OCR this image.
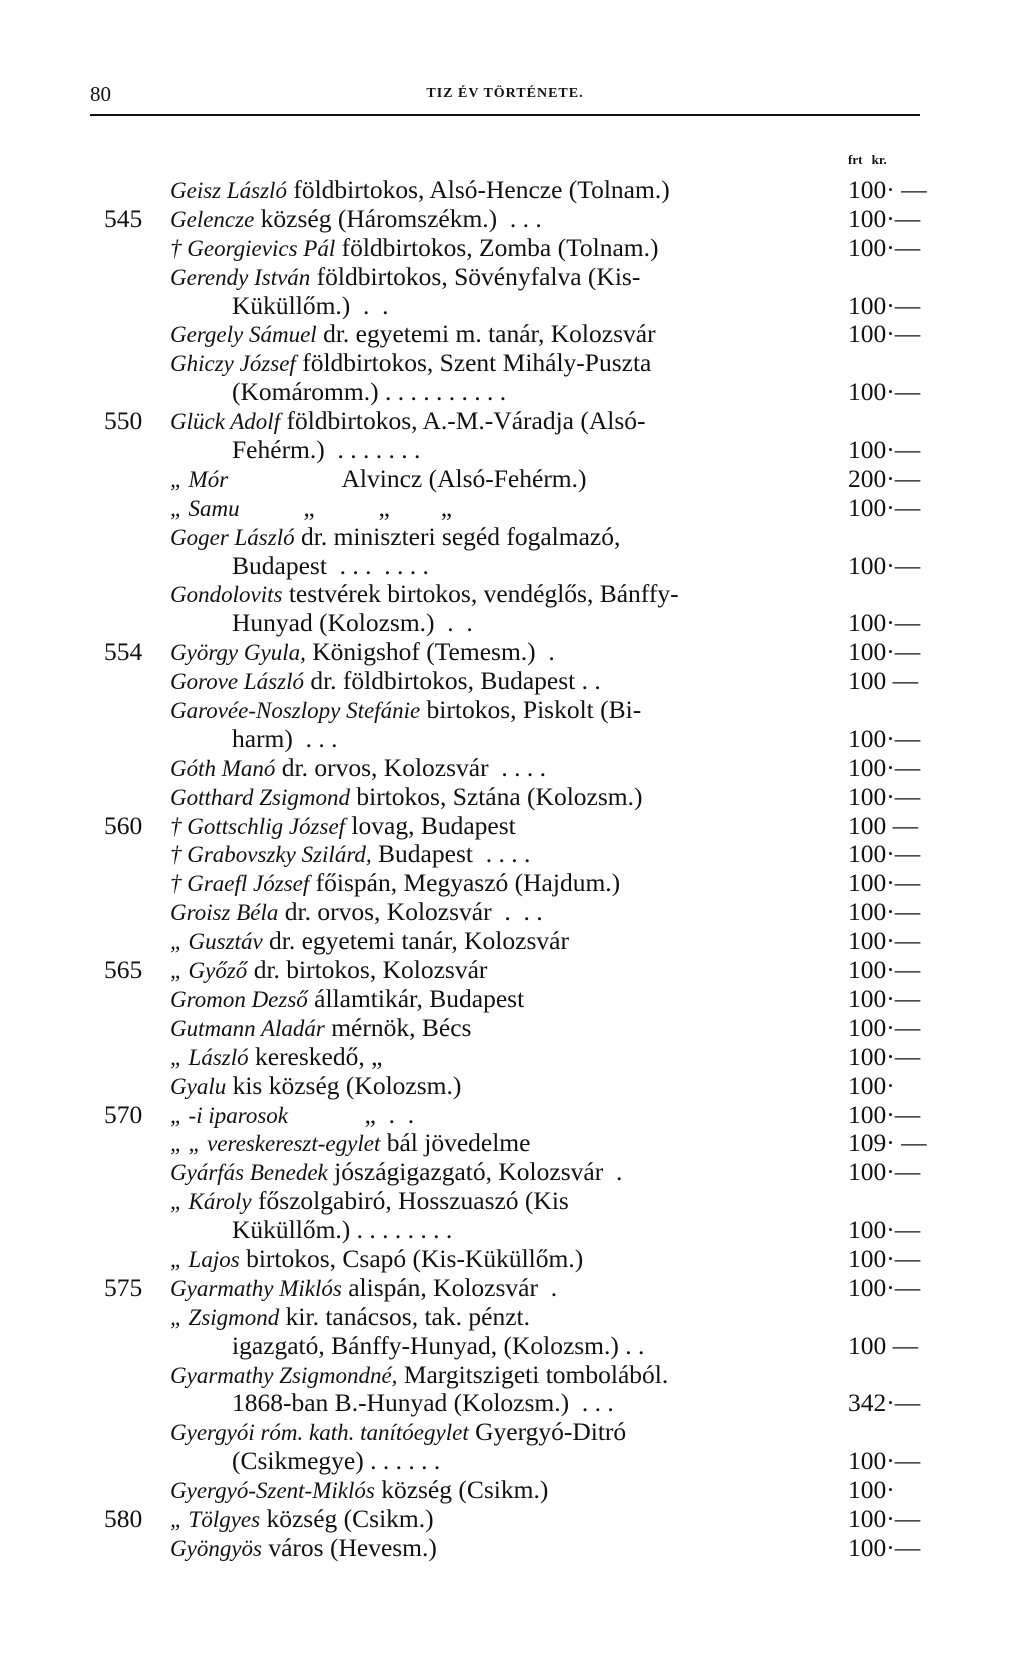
80	TIZ ÉV TÖRTÉNETE.
frt kr.
Geisz László földbirtokos, Alsó-Hencze (Tolnam.)	100· —
545 Gelencze község (Háromszékm.)  . . .	100·—
† Georgievics Pál földbirtokos, Zomba (Tolnam.)	100·—
Gerendy István földbirtokos, Sövényfalva (Kis-
Küküllőm.)  .  .	100·—
Gergely Sámuel dr. egyetemi m. tanár, Kolozsvár	100·—
Ghiczy József földbirtokos, Szent Mihály-Puszta
(Komáromm.) . . . . . . . . . .	100·—
550 Glück Adolf földbirtokos, A.-M.-Váradja (Alsó-
Fehérm.)  . . . . . . .	100·—
„ Mór                  Alvincz (Alsó-Fehérm.)	200·—
„ Samu          „          „        „	100·—
Goger László dr. miniszteri segéd fogalmazó,
Budapest  . . .  . . . .	100·—
Gondolovits testvérek birtokos, vendéglős, Bánffy-
Hunyad (Kolozsm.)  .  .	100·—
554 György Gyula, Königshof (Temesm.)  .	100·—
Gorove László dr. földbirtokos, Budapest . .	100 —
Garovée-Noszlopy Stefánie birtokos, Piskolt (Bi-
harm)  . . .	100·—
Góth Manó dr. orvos, Kolozsvár  . . . .	100·—
Gotthard Zsigmond birtokos, Sztána (Kolozsm.)	100·—
560 † Gottschlig József lovag, Budapest	100 —
† Grabovszky Szilárd, Budapest  . . . .	100·—
† Graefl József főispán, Megyaszó (Hajdum.)	100·—
Groisz Béla dr. orvos, Kolozsvár  .  . .	100·—
„ Gusztáv dr. egyetemi tanár, Kolozsvár	100·—
565 „ Győző dr. birtokos, Kolozsvár	100·—
Gromon Dezső államtikár, Budapest	100·—
Gutmann Aladár mérnök, Bécs	100·—
„ László kereskedő, „	100·—
Gyalu kis község (Kolozsm.)	100·
570 „ -i iparosok            „  .  .	100·—
„ „ vereskereszt-egylet bál jövedelme	109· —
Gyárfás Benedek jószágigazgató, Kolozsvár  .	100·—
„ Károly főszolgabiró, Hosszuaszó (Kis
Küküllőm.) . . . . . . . .	100·—
„ Lajos birtokos, Csapó (Kis-Küküllőm.)	100·—
575 Gyarmathy Miklós alispán, Kolozsvár  .	100·—
„ Zsigmond kir. tanácsos, tak. pénzt.
igazgató, Bánffy-Hunyad, (Kolozsm.) . .	100 —
Gyarmathy Zsigmondné, Margitszigeti tombolából.
1868-ban B.-Hunyad (Kolozsm.)  . . .	342·—
Gyergyói róm. kath. tanítóegylet Gyergyó-Ditró
(Csikmegye) . . . . . .	100·—
Gyergyó-Szent-Miklós község (Csikm.)	100·
580 „ Tölgyes község (Csikm.)	100·—
Gyöngyös város (Hevesm.)	100·—
